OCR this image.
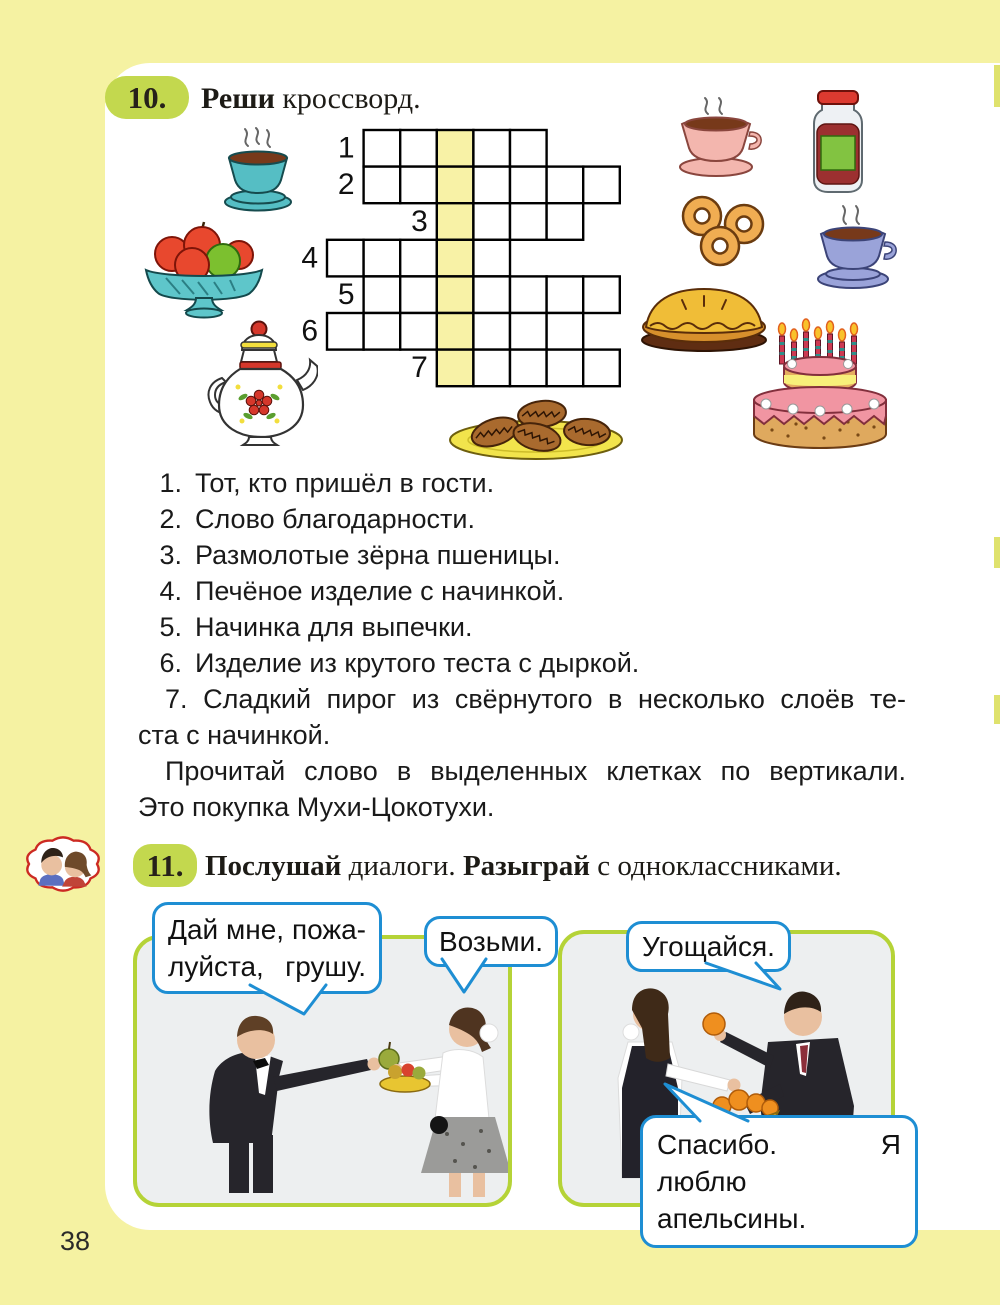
10.	Реши кроссворд.
1
2
3
4
5
6
7
1. Тот, кто пришёл в гости.
2. Слово благодарности.
3. Размолотые зёрна пшеницы.
4. Печёное изделие с начинкой.
5. Начинка для выпечки.
6. Изделие из крутого теста с дыркой.
7. Сладкий пирог из свёрнутого в несколько слоёв те-
ста с начинкой.
Прочитай слово в выделенных клетках по вертикали.
Это покупка Мухи-Цокотухи.
11. Послушай диалоги. Разыграй с одноклассниками.
Дай мне, пожа-
луйста, грушу.
Возьми.	Угощайся.
Спасибо. Я люблю
апельсины.
38
